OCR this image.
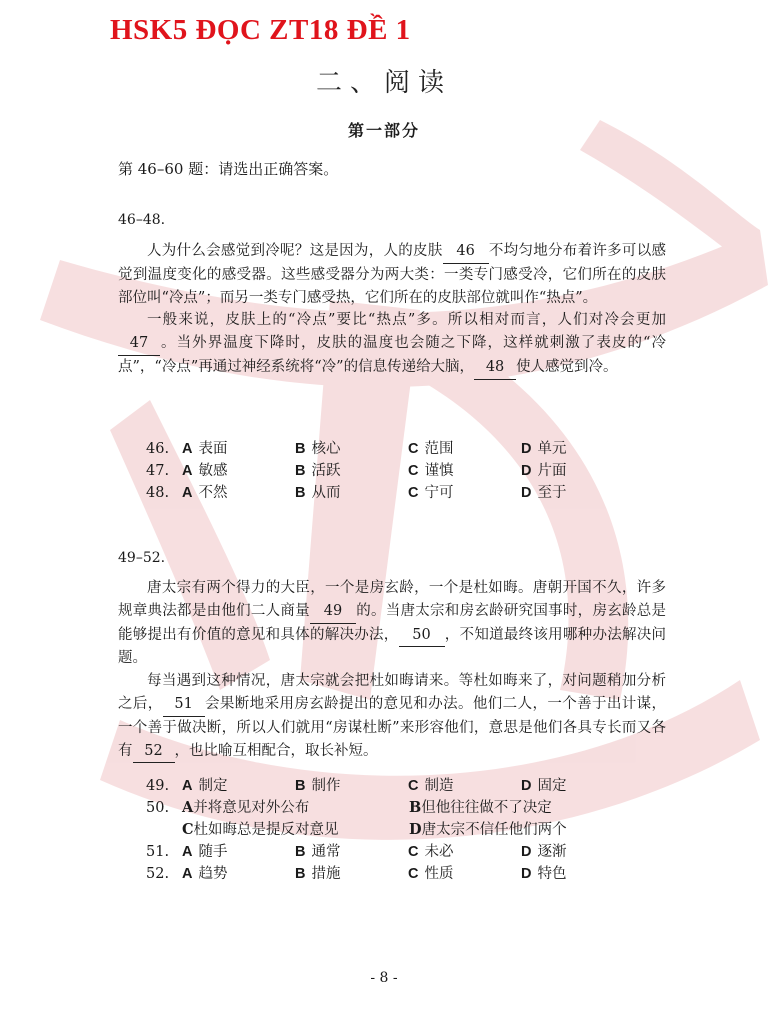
HSK5 ĐỌC ZT18 ĐỀ 1
二、阅读
第一部分
第 46–60 题：请选出正确答案。
46–48.

人为什么会感觉到冷呢？这是因为，人的皮肤 46 不均匀地分布着许多可以感觉到温度变化的感受器。这些感受器分为两大类：一类专门感受冷，它们所在的皮肤部位叫“冷点”；而另一类专门感受热，它们所在的皮肤部位就叫作“热点”。

一般来说，皮肤上的“冷点”要比“热点”多。所以相对而言，人们对冷会更加47 。当外界温度下降时，皮肤的温度也会随之下降，这样就刺激了表皮的“冷点”，“冷点”再通过神经系统将“冷”的信息传递给大脑， 48 使人感觉到冷。

46. A 表面	B 核心	C 范围	D 单元
47. A 敏感	B 活跃	C 谨慎	D 片面
48. A 不然	B 从而	C 宁可	D 至于
49–52.

唐太宗有两个得力的大臣，一个是房玄龄，一个是杜如晦。唐朝开国不久，许多规章典法都是由他们二人商量 49 的。当唐太宗和房玄龄研究国事时，房玄龄总是能够提出有价值的意见和具体的解决办法， 50 ，不知道最终该用哪种办法解决问题。

每当遇到这种情况，唐太宗就会把杜如晦请来。等杜如晦来了，对问题稍加分析之后， 51 会果断地采用房玄龄提出的意见和办法。他们二人，一个善于出计谋，一个善于做决断，所以人们就用“房谋杜断”来形容他们，意思是他们各具专长而又各有 52 ，也比喻互相配合，取长补短。

49. A 制定	B 制作	C 制造	D 固定
50. A并将意见对外公布	B但他往往做不了决定
C杜如晦总是提反对意见	D唐太宗不信任他们两个
51. A 随手	B 通常	C 未必	D 逐渐
52. A 趋势	B 措施	C 性质	D 特色
- 8 -
